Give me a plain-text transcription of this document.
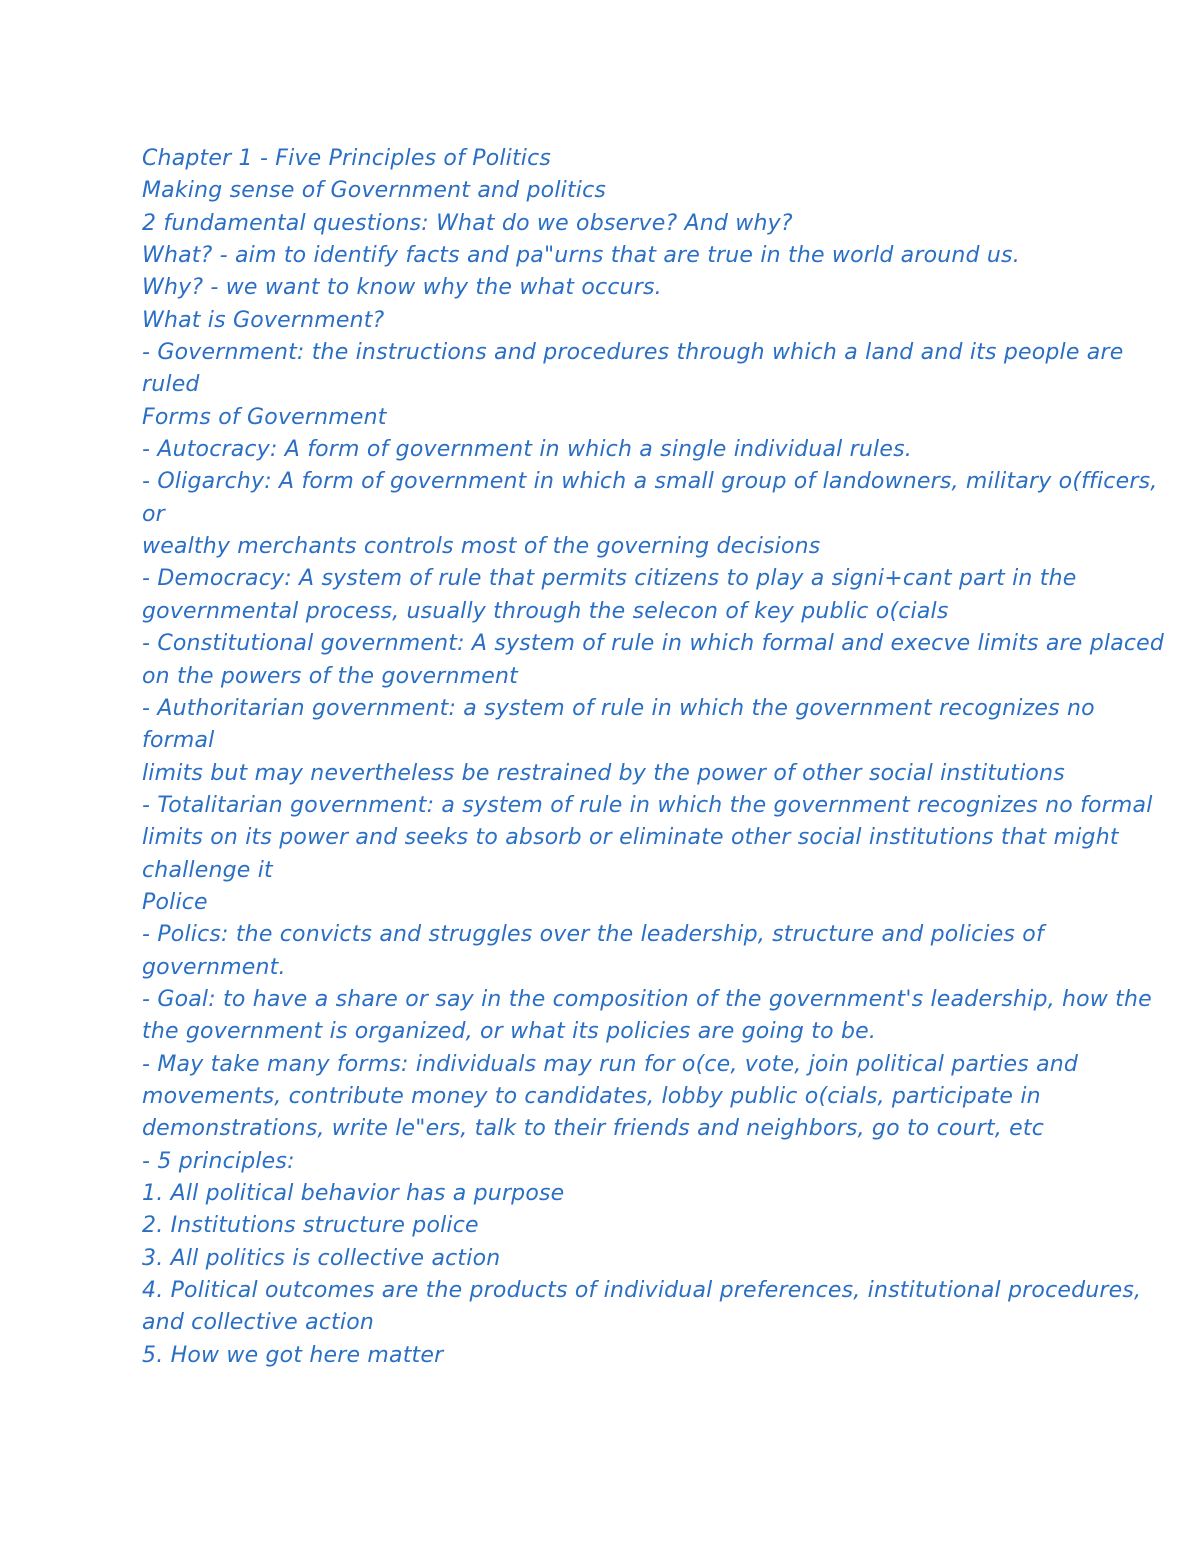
Chapter 1 - Five Principles of Politics
Making sense of Government and politics
2 fundamental questions: What do we observe? And why?
What? - aim to identify facts and pa"urns that are true in the world around us.
Why? - we want to know why the what occurs.
What is Government?
- Government: the instructions and procedures through which a land and its people are
ruled
Forms of Government
- Autocracy: A form of government in which a single individual rules.
- Oligarchy: A form of government in which a small group of landowners, military o(fficers,
or
wealthy merchants controls most of the governing decisions
- Democracy: A system of rule that permits citizens to play a signi+cant part in the
governmental process, usually through the selecon of key public o(cials
- Constitutional government: A system of rule in which formal and execve limits are placed
on the powers of the government
- Authoritarian government: a system of rule in which the government recognizes no
formal
limits but may nevertheless be restrained by the power of other social institutions
- Totalitarian government: a system of rule in which the government recognizes no formal
limits on its power and seeks to absorb or eliminate other social institutions that might
challenge it
Police
- Polics: the convicts and struggles over the leadership, structure and policies of
government.
- Goal: to have a share or say in the composition of the government's leadership, how the
the government is organized, or what its policies are going to be.
- May take many forms: individuals may run for o(ce, vote, join political parties and
movements, contribute money to candidates, lobby public o(cials, participate in
demonstrations, write le"ers, talk to their friends and neighbors, go to court, etc
- 5 principles:
1. All political behavior has a purpose
2. Institutions structure police
3. All politics is collective action
4. Political outcomes are the products of individual preferences, institutional procedures,
and collective action
5. How we got here matter
